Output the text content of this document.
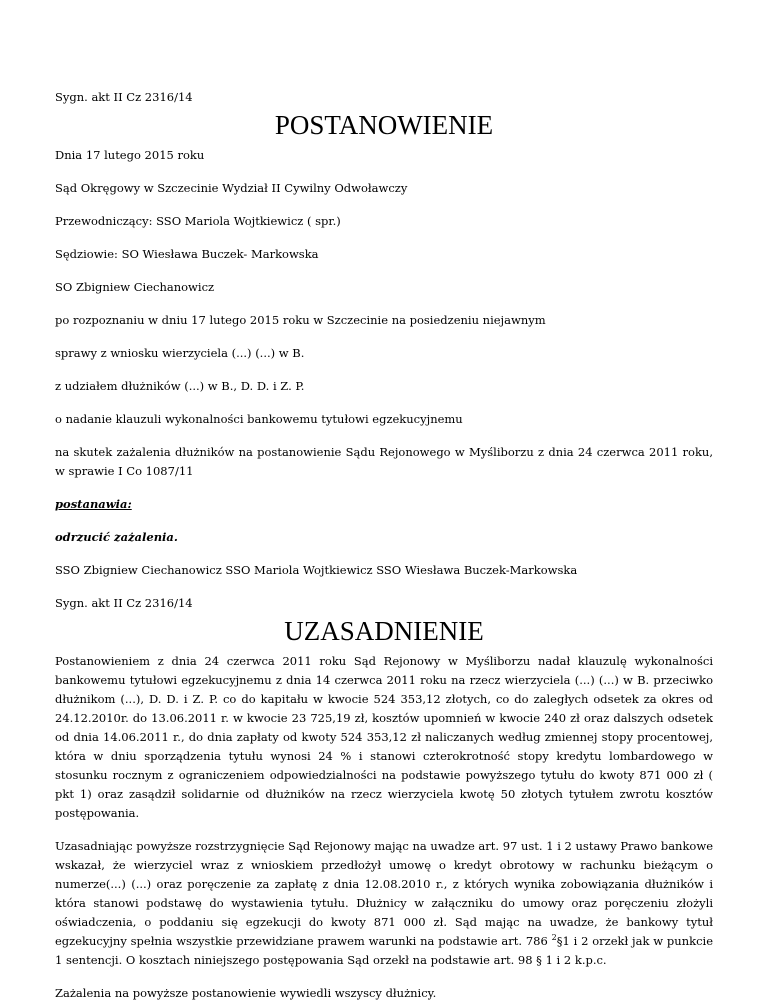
Sygn. akt II Cz 2316/14

POSTANOWIENIE

Dnia 17 lutego 2015 roku

Sąd Okręgowy w Szczecinie Wydział II Cywilny Odwoławczy

Przewodniczący: SSO Mariola Wojtkiewicz ( spr.)

Sędziowie: SO Wiesława Buczek- Markowska

SO Zbigniew Ciechanowicz

po rozpoznaniu w dniu 17 lutego 2015 roku w Szczecinie na posiedzeniu niejawnym

sprawy z wniosku wierzyciela (...) (...) w B.

z udziałem dłużników (...) w B., D. D. i Z. P.

o nadanie klauzuli wykonalności bankowemu tytułowi egzekucyjnemu

na skutek zażalenia dłużników na postanowienie Sądu Rejonowego w Myśliborzu z dnia 24 czerwca 2011 roku, w sprawie I Co 1087/11

postanawia:

odrzucić zażalenia.

SSO Zbigniew Ciechanowicz SSO Mariola Wojtkiewicz SSO Wiesława Buczek-Markowska

Sygn. akt II Cz 2316/14

UZASADNIENIE

Postanowieniem z dnia 24 czerwca 2011 roku Sąd Rejonowy w Myśliborzu nadał klauzulę wykonalności bankowemu tytułowi egzekucyjnemu z dnia 14 czerwca 2011 roku na rzecz wierzyciela (...) (...) w B. przeciwko dłużnikom (...), D. D. i Z. P. co do kapitału w kwocie 524 353,12 złotych, co do zaległych odsetek za okres od 24.12.2010r. do 13.06.2011 r. w kwocie 23 725,19 zł, kosztów upomnień w kwocie 240 zł oraz dalszych odsetek od dnia 14.06.2011 r., do dnia zapłaty od kwoty 524 353,12 zł naliczanych według zmiennej stopy procentowej, która w dniu sporządzenia tytułu wynosi 24 % i stanowi czterokrotność stopy kredytu lombardowego w stosunku rocznym z ograniczeniem odpowiedzialności na podstawie powyższego tytułu do kwoty 871 000 zł ( pkt 1) oraz zasądził solidarnie od dłużników na rzecz wierzyciela kwotę 50 złotych tytułem zwrotu kosztów postępowania.

Uzasadniając powyższe rozstrzygnięcie Sąd Rejonowy mając na uwadze art. 97 ust. 1 i 2 ustawy Prawo bankowe wskazał, że wierzyciel wraz z wnioskiem przedłożył umowę o kredyt obrotowy w rachunku bieżącym o numerze(...) (...) oraz poręczenie za zapłatę z dnia 12.08.2010 r., z których wynika zobowiązania dłużników i która stanowi podstawę do wystawienia tytułu. Dłużnicy w załączniku do umowy oraz poręczeniu złożyli oświadczenia, o poddaniu się egzekucji do kwoty 871 000 zł. Sąd mając na uwadze, że bankowy tytuł egzekucyjny spełnia wszystkie przewidziane prawem warunki na podstawie art. 786 $^2$§1 i 2 orzekł jak w punkcie 1 sentencji. O kosztach niniejszego postępowania Sąd orzekł na podstawie art. 98 § 1 i 2 k.p.c.

Zażalenia na powyższe postanowienie wywiedli wszyscy dłużnicy.
